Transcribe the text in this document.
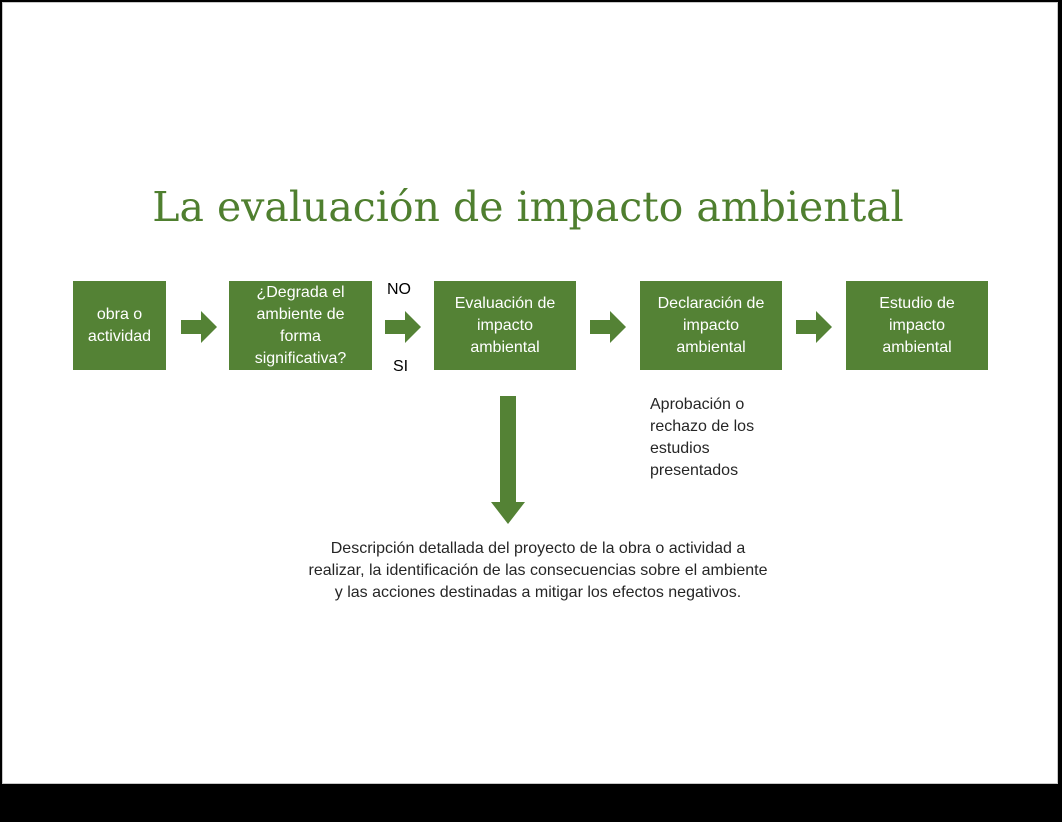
La evaluación de impacto ambiental
obra o actividad
¿Degrada el ambiente de forma significativa?
NO
SI
Evaluación de impacto ambiental
Declaración de impacto ambiental
Estudio de impacto ambiental
Aprobación o rechazo de los estudios presentados
Descripción detallada del proyecto de la obra o actividad a realizar, la identificación de las consecuencias sobre el ambiente y las acciones destinadas a mitigar los efectos negativos.
